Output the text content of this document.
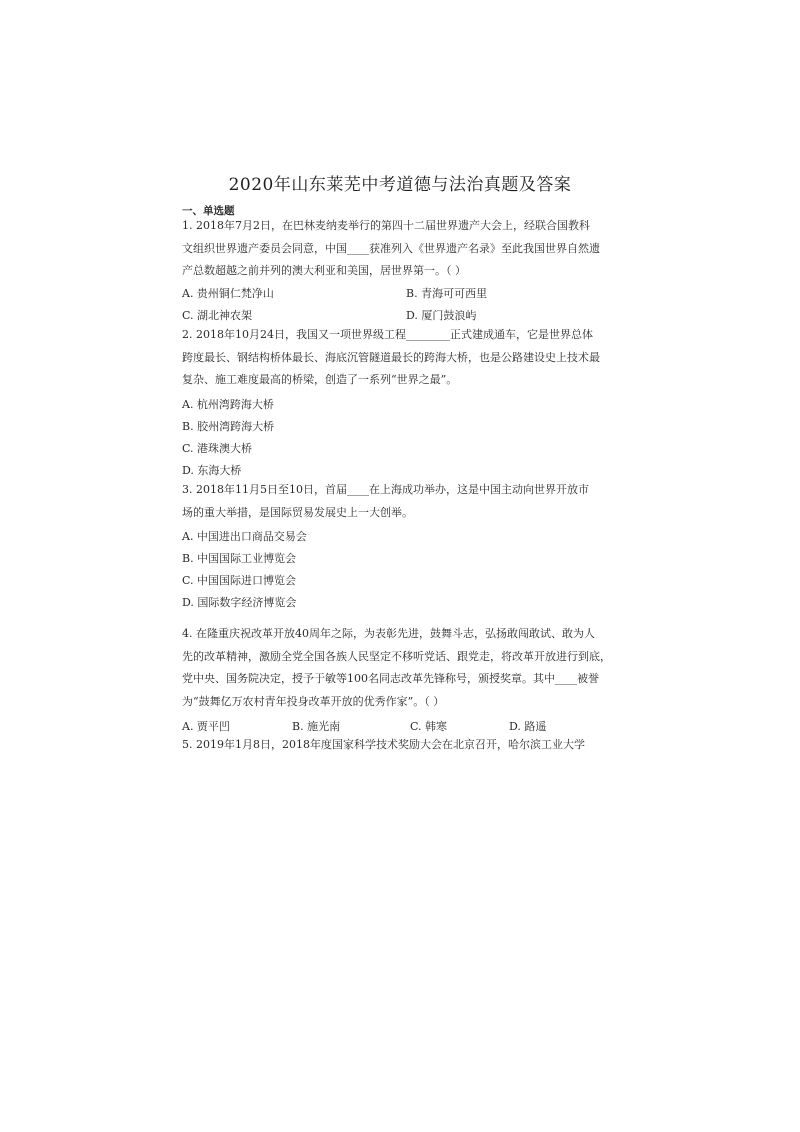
2020年山东莱芜中考道德与法治真题及答案
一、单选题

1. 2018年7月2日，在巴林麦纳麦举行的第四十二届世界遗产大会上，经联合国教科

文组织世界遗产委员会同意，中国____获准列入《世界遗产名录》至此我国世界自然遗

产总数超越之前并列的澳大利亚和美国，居世界第一。（ ）

A. 贵州铜仁梵净山	B. 青海可可西里
C. 湖北神农架	D. 厦门鼓浪屿

2. 2018年10月24日，我国又一项世界级工程________正式建成通车，它是世界总体

跨度最长、钢结构桥体最长、海底沉管隧道最长的跨海大桥，也是公路建设史上技术最

复杂、施工难度最高的桥梁，创造了一系列“世界之最”。

A. 杭州湾跨海大桥
B. 胶州湾跨海大桥
C. 港珠澳大桥
D. 东海大桥

3. 2018年11月5日至10日，首届____在上海成功举办，这是中国主动向世界开放市

场的重大举措，是国际贸易发展史上一大创举。

A. 中国进出口商品交易会
B. 中国国际工业博览会
C. 中国国际进口博览会
D. 国际数字经济博览会

4. 在隆重庆祝改革开放40周年之际，为表彰先进，鼓舞斗志，弘扬敢闯敢试、敢为人

先的改革精神，激励全党全国各族人民坚定不移听党话、跟党走，将改革开放进行到底，

党中央、国务院决定，授予于敏等100名同志改革先锋称号，颁授奖章。其中____被誉

为“鼓舞亿万农村青年投身改革开放的优秀作家”。（ ）

A. 贾平凹	B. 施光南	C. 韩寒	D. 路遥

5. 2019年1月8日，2018年度国家科学技术奖励大会在北京召开，哈尔滨工业大学
